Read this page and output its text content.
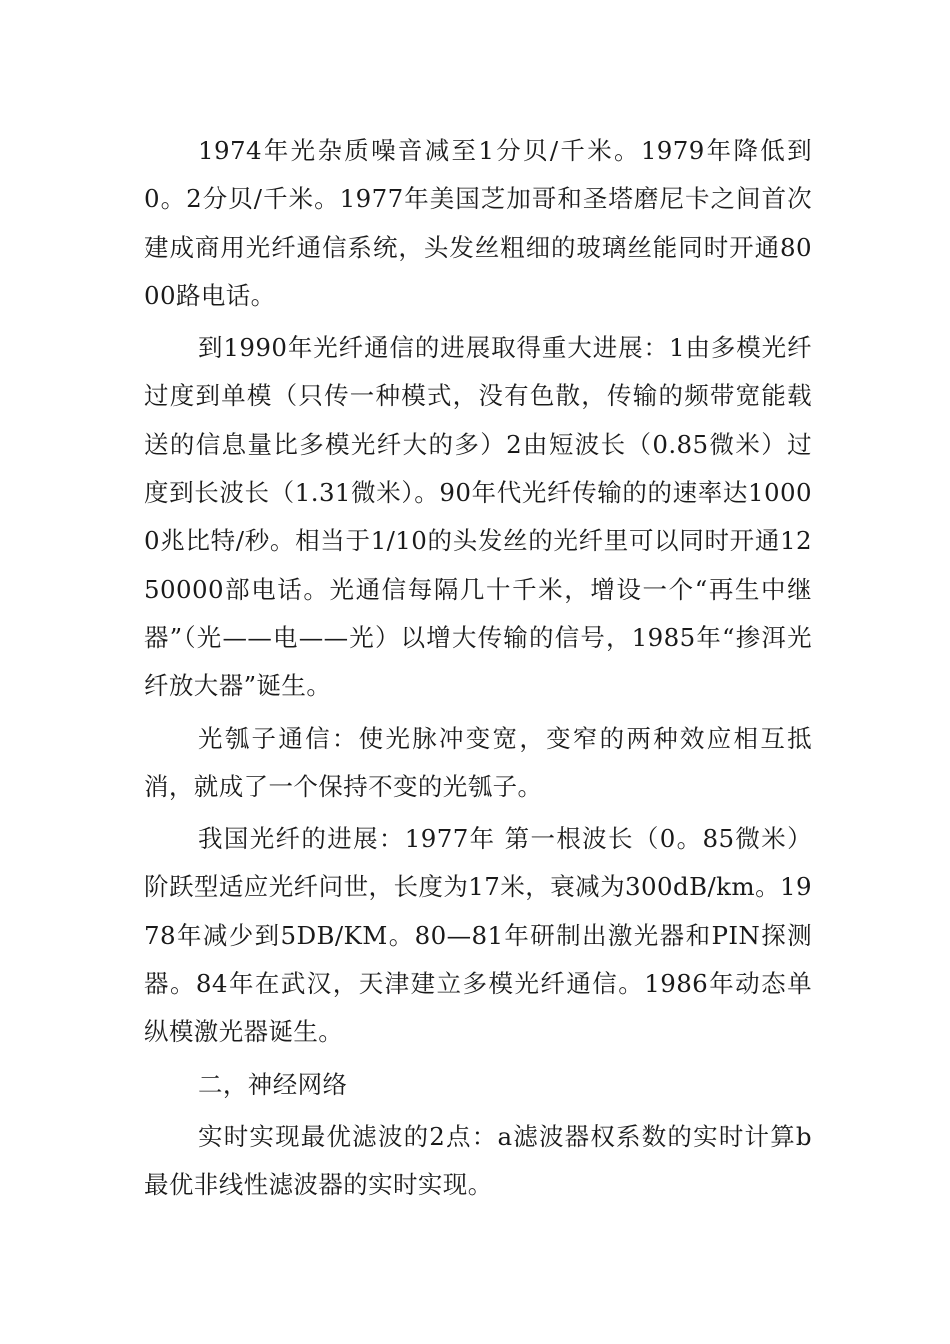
1974年光杂质噪音减至1分贝/千米。1979年降低到0。2分贝/千米。1977年美国芝加哥和圣塔磨尼卡之间首次建成商用光纤通信系统，头发丝粗细的玻璃丝能同时开通8000路电话。

到1990年光纤通信的进展取得重大进展：1由多模光纤过度到单模（只传一种模式，没有色散，传输的频带宽能载送的信息量比多模光纤大的多）2由短波长（0.85微米）过度到长波长（1.31微米）。90年代光纤传输的的速率达10000兆比特/秒。相当于1/10的头发丝的光纤里可以同时开通1250000部电话。光通信每隔几十千米，增设一个“再生中继器”（光——电——光）以增大传输的信号，1985年“掺洱光纤放大器”诞生。

光瓠子通信：使光脉冲变宽，变窄的两种效应相互抵消，就成了一个保持不变的光瓠子。

我国光纤的进展：1977年 第一根波长（0。85微米）阶跃型适应光纤问世，长度为17米，衰减为300dB/km。1978年减少到5DB/KM。80—81年研制出激光器和PIN探测器。84年在武汉，天津建立多模光纤通信。1986年动态单纵模激光器诞生。

二，神经网络

实时实现最优滤波的2点：a滤波器权系数的实时计算b最优非线性滤波器的实时实现。
